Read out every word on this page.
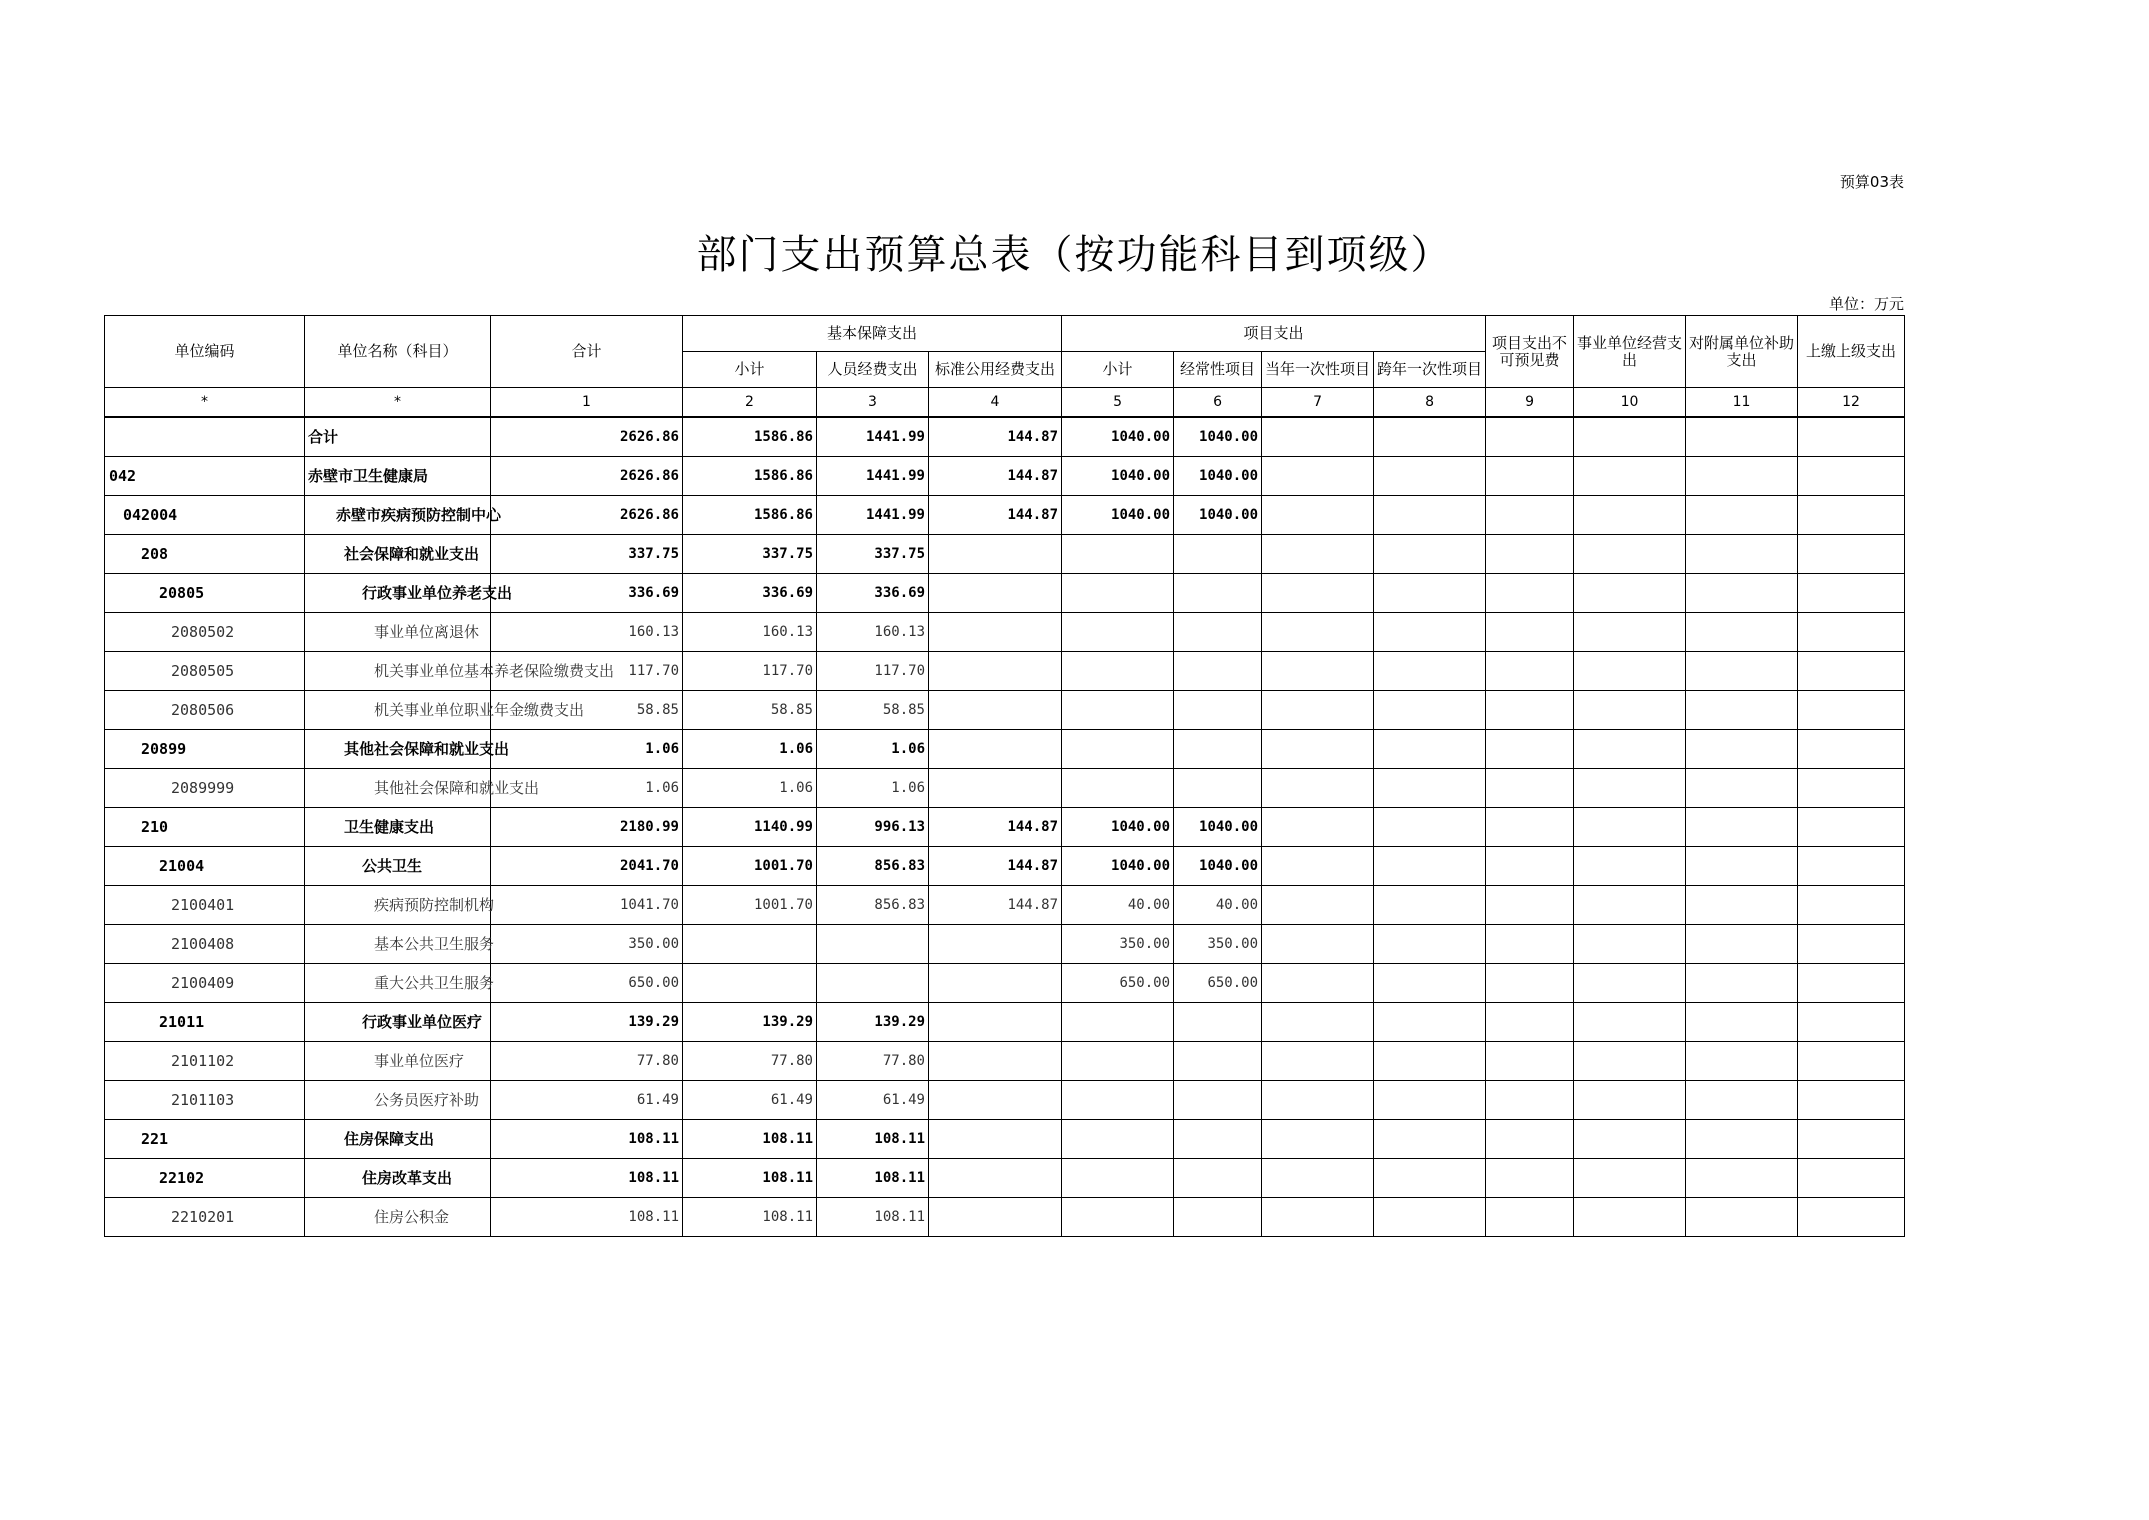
预算03表
部门支出预算总表（按功能科目到项级）
单位：万元
单位编码	单位名称（科目）	合计	基本保障支出			项目支出				项目支出不可预见费	事业单位经营支出	对附属单位补助支出	上缴上级支出
			小计	人员经费支出	标准公用经费支出	小计	经常性项目	当年一次性项目	跨年一次性项目				
*	*	1	2	3	4	5	6	7	8	9	10	11	12
	合计	2626.86	1586.86	1441.99	144.87	1040.00	1040.00						
042	赤壁市卫生健康局	2626.86	1586.86	1441.99	144.87	1040.00	1040.00						
042004	赤壁市疾病预防控制中心	2626.86	1586.86	1441.99	144.87	1040.00	1040.00						
208	社会保障和就业支出	337.75	337.75	337.75									
20805	行政事业单位养老支出	336.69	336.69	336.69									
2080502	事业单位离退休	160.13	160.13	160.13									
2080505	机关事业单位基本养老保险缴费支出	117.70	117.70	117.70									
2080506	机关事业单位职业年金缴费支出	58.85	58.85	58.85									
20899	其他社会保障和就业支出	1.06	1.06	1.06									
2089999	其他社会保障和就业支出	1.06	1.06	1.06									
210	卫生健康支出	2180.99	1140.99	996.13	144.87	1040.00	1040.00						
21004	公共卫生	2041.70	1001.70	856.83	144.87	1040.00	1040.00						
2100401	疾病预防控制机构	1041.70	1001.70	856.83	144.87	40.00	40.00						
2100408	基本公共卫生服务	350.00				350.00	350.00						
2100409	重大公共卫生服务	650.00				650.00	650.00						
21011	行政事业单位医疗	139.29	139.29	139.29									
2101102	事业单位医疗	77.80	77.80	77.80									
2101103	公务员医疗补助	61.49	61.49	61.49									
221	住房保障支出	108.11	108.11	108.11									
22102	住房改革支出	108.11	108.11	108.11									
2210201	住房公积金	108.11	108.11	108.11									
